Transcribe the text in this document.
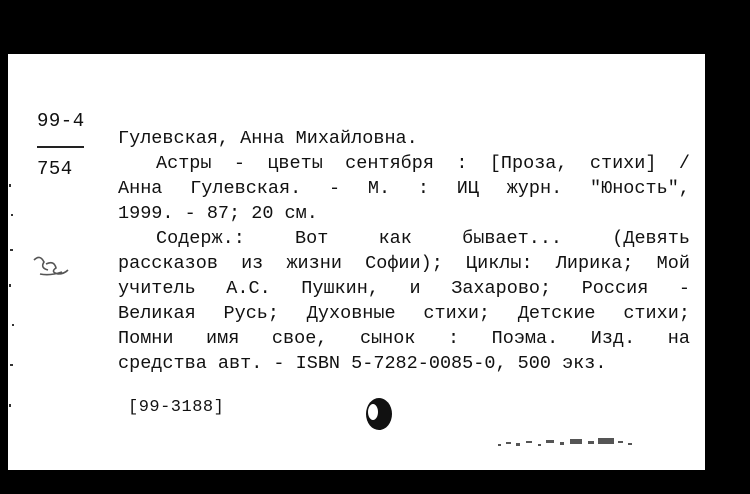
99-4
754
Гулевская, Анна Михайловна.
Астры - цветы сентября : [Проза, стихи] /
Анна Гулевская. - М. : ИЦ журн. "Юность",
1999. - 87; 20 см.
Содерж.:	Вот	как	бывает...	(Девять
рассказов из жизни Софии); Циклы: Лирика; Мой
учитель А.С. Пушкин, и Захарово; Россия -
Великая Русь; Духовные стихи; Детские стихи;
Помни имя свое, сынок : Поэма. Изд. на
средства авт. - ISBN 5-7282-0085-0, 500 экз.
[99-3188]
